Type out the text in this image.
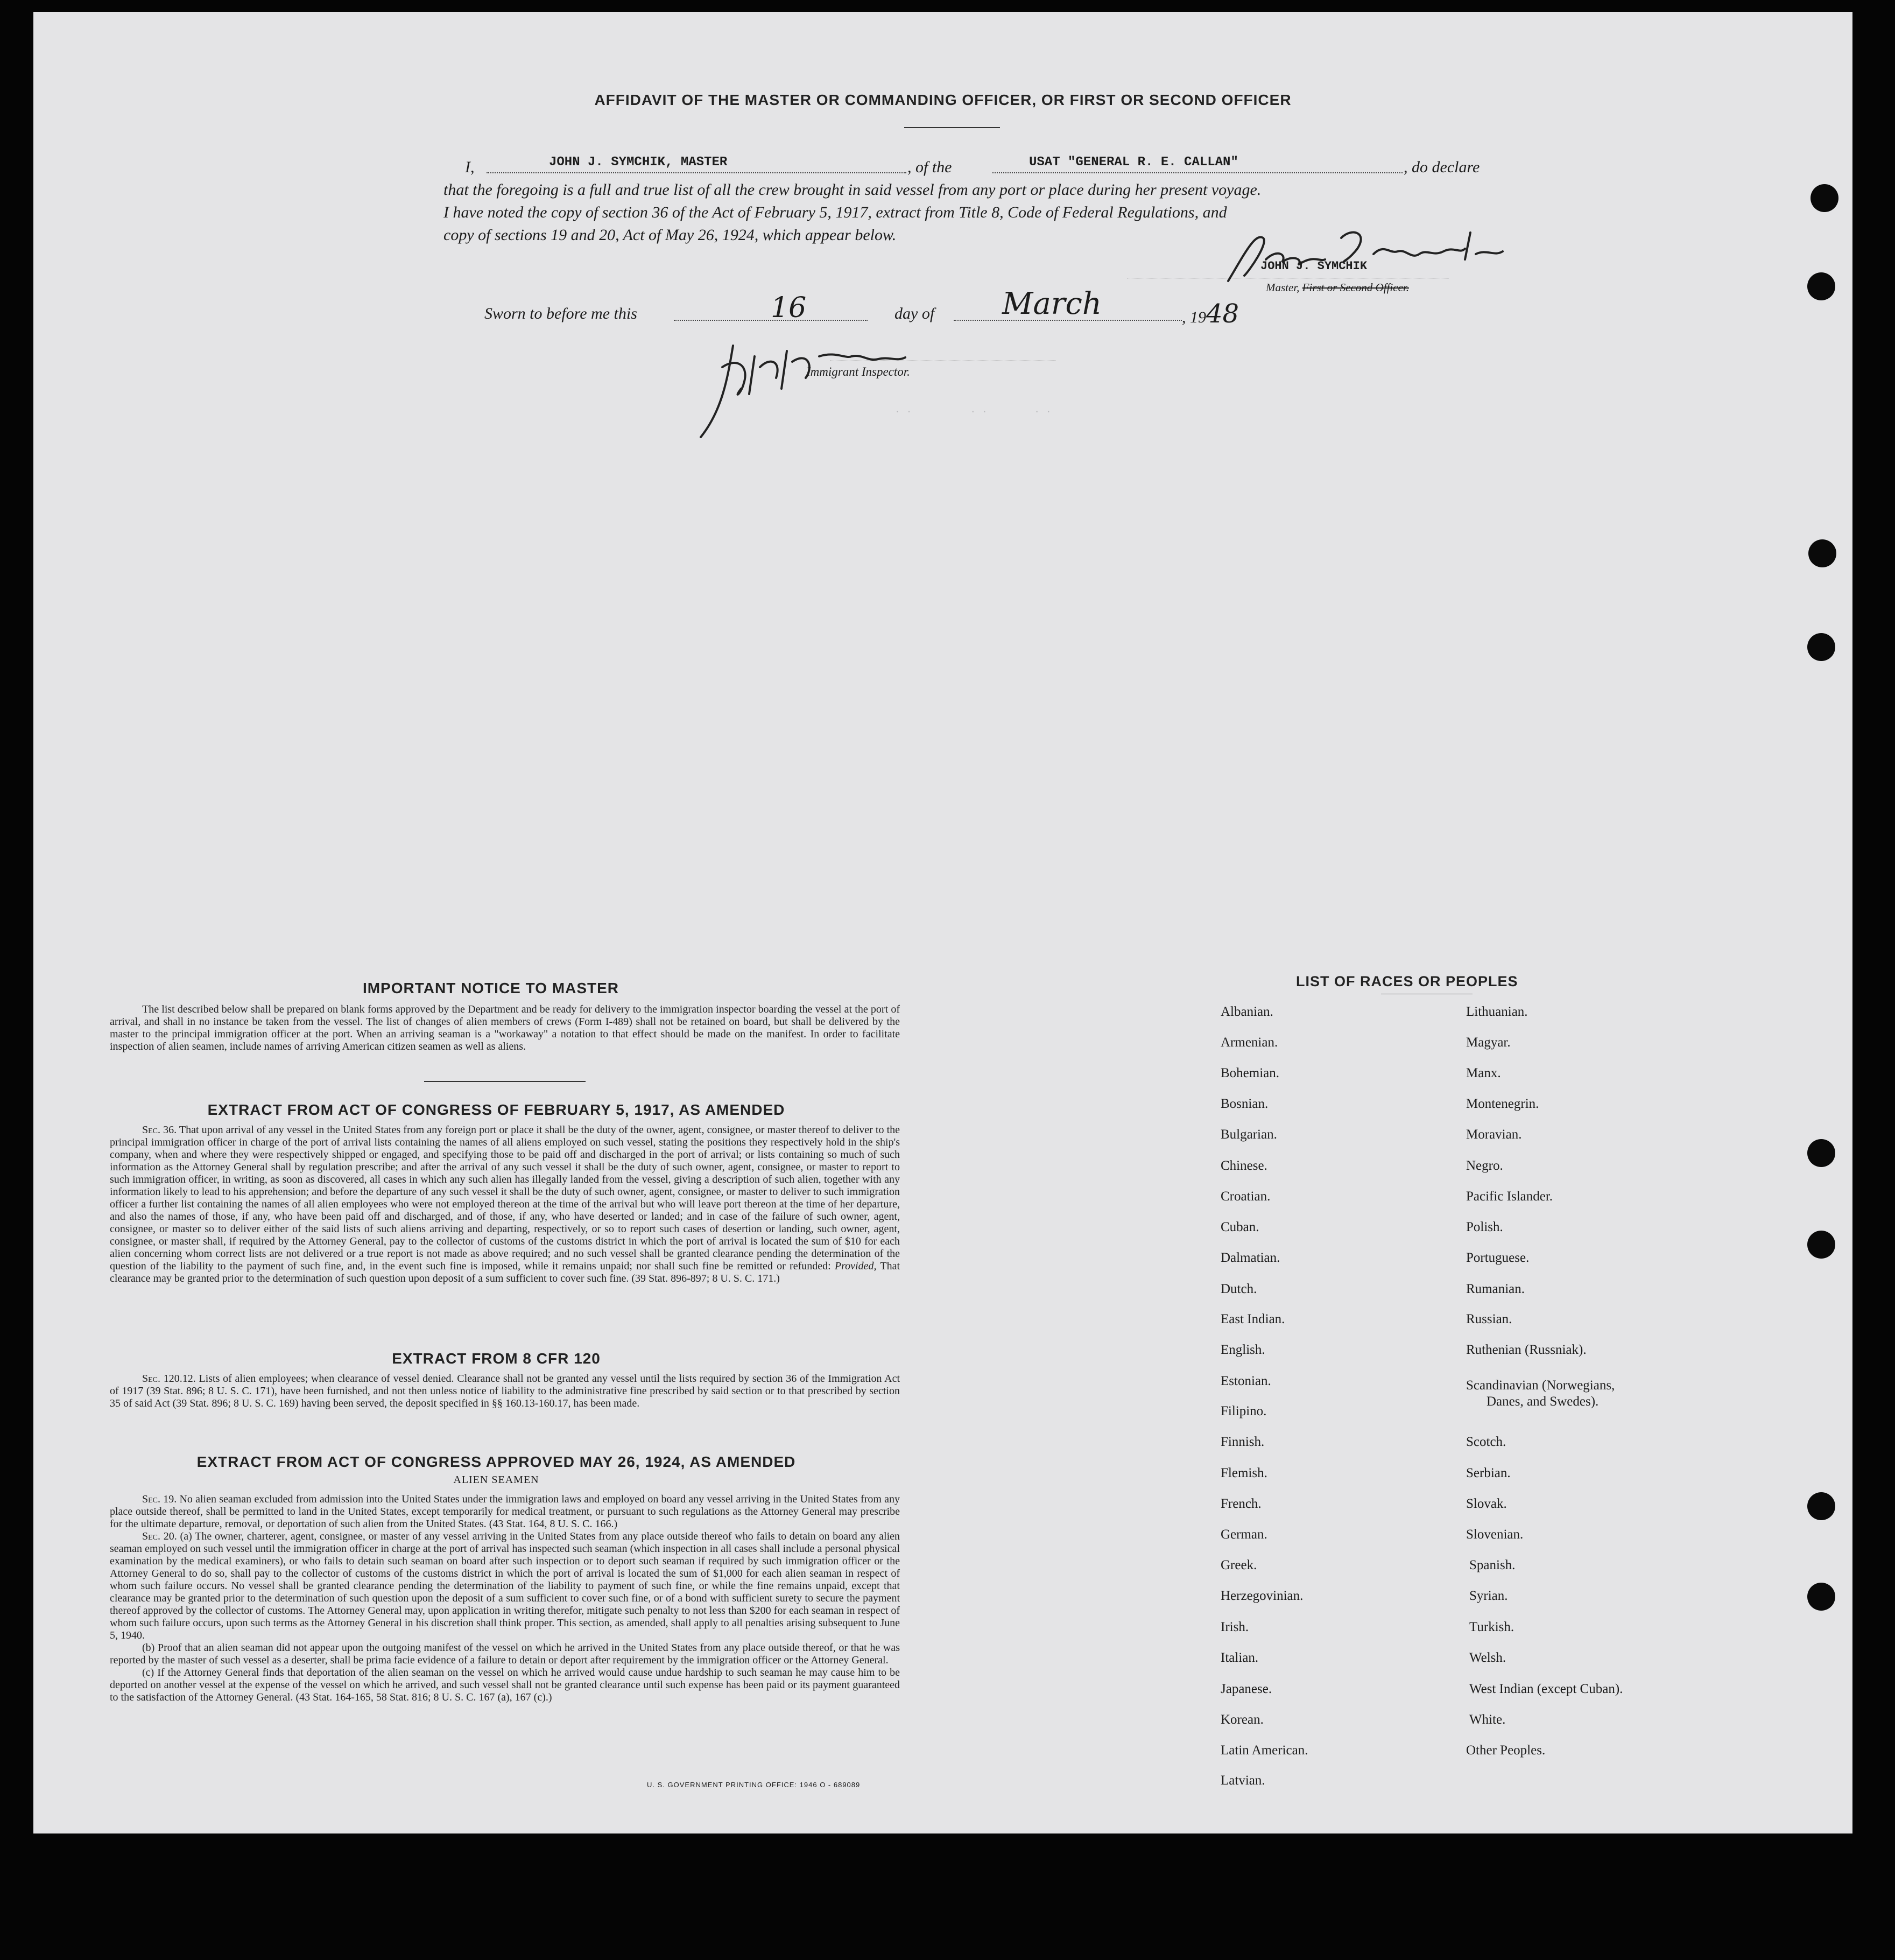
. .          . .        . .
AFFIDAVIT OF THE MASTER OR COMMANDING OFFICER, OR FIRST OR SECOND OFFICER
I,	JOHN J. SYMCHIK, MASTER	, of the	USAT "GENERAL R. E. CALLAN"	, do declare
that the foregoing is a full and true list of all the crew brought in said vessel from any port or place during her present voyage.
I have noted the copy of section 36 of the Act of February 5, 1917, extract from Title 8, Code of Federal Regulations, and
copy of sections 19 and 20, Act of May 26, 1924, which appear below.
JOHN J. SYMCHIK
Master, First or Second Officer.
Sworn to before me this	16	day of March	, 1948
Immigrant Inspector.
IMPORTANT NOTICE TO MASTER

The list described below shall be prepared on blank forms approved by the Department and be ready for delivery to the immigration inspector boarding the vessel at the port of arrival, and shall in no instance be taken from the vessel. The list of changes of alien members of crews (Form I-489) shall not be retained on board, but shall be delivered by the master to the principal immigration officer at the port. When an arriving seaman is a "workaway" a notation to that effect should be made on the manifest. In order to facilitate inspection of alien seamen, include names of arriving American citizen seamen as well as aliens.

EXTRACT FROM ACT OF CONGRESS OF FEBRUARY 5, 1917, AS AMENDED

Sec. 36. That upon arrival of any vessel in the United States from any foreign port or place it shall be the duty of the owner, agent, consignee, or master thereof to deliver to the principal immigration officer in charge of the port of arrival lists containing the names of all aliens employed on such vessel, stating the positions they respectively hold in the ship's company, when and where they were respectively shipped or engaged, and specifying those to be paid off and discharged in the port of arrival; or lists containing so much of such information as the Attorney General shall by regulation prescribe; and after the arrival of any such vessel it shall be the duty of such owner, agent, consignee, or master to report to such immigration officer, in writing, as soon as discovered, all cases in which any such alien has illegally landed from the vessel, giving a description of such alien, together with any information likely to lead to his apprehension; and before the departure of any such vessel it shall be the duty of such owner, agent, consignee, or master to deliver to such immigration officer a further list containing the names of all alien employees who were not employed thereon at the time of the arrival but who will leave port thereon at the time of her departure, and also the names of those, if any, who have been paid off and discharged, and of those, if any, who have deserted or landed; and in case of the failure of such owner, agent, consignee, or master so to deliver either of the said lists of such aliens arriving and departing, respectively, or so to report such cases of desertion or landing, such owner, agent, consignee, or master shall, if required by the Attorney General, pay to the collector of customs of the customs district in which the port of arrival is located the sum of $10 for each alien concerning whom correct lists are not delivered or a true report is not made as above required; and no such vessel shall be granted clearance pending the determination of the question of the liability to the payment of such fine, and, in the event such fine is imposed, while it remains unpaid; nor shall such fine be remitted or refunded: Provided, That clearance may be granted prior to the determination of such question upon deposit of a sum sufficient to cover such fine. (39 Stat. 896-897; 8 U. S. C. 171.)

EXTRACT FROM 8 CFR 120

Sec. 120.12. Lists of alien employees; when clearance of vessel denied. Clearance shall not be granted any vessel until the lists required by section 36 of the Immigration Act of 1917 (39 Stat. 896; 8 U. S. C. 171), have been furnished, and not then unless notice of liability to the administrative fine prescribed by said section or to that prescribed by section 35 of said Act (39 Stat. 896; 8 U. S. C. 169) having been served, the deposit specified in §§ 160.13-160.17, has been made.

EXTRACT FROM ACT OF CONGRESS APPROVED MAY 26, 1924, AS AMENDED
ALIEN SEAMEN

Sec. 19. No alien seaman excluded from admission into the United States under the immigration laws and employed on board any vessel arriving in the United States from any place outside thereof, shall be permitted to land in the United States, except temporarily for medical treatment, or pursuant to such regulations as the Attorney General may prescribe for the ultimate departure, removal, or deportation of such alien from the United States. (43 Stat. 164, 8 U. S. C. 166.)

Sec. 20. (a) The owner, charterer, agent, consignee, or master of any vessel arriving in the United States from any place outside thereof who fails to detain on board any alien seaman employed on such vessel until the immigration officer in charge at the port of arrival has inspected such seaman (which inspection in all cases shall include a personal physical examination by the medical examiners), or who fails to detain such seaman on board after such inspection or to deport such seaman if required by such immigration officer or the Attorney General to do so, shall pay to the collector of customs of the customs district in which the port of arrival is located the sum of $1,000 for each alien seaman in respect of whom such failure occurs. No vessel shall be granted clearance pending the determination of the liability to payment of such fine, or while the fine remains unpaid, except that clearance may be granted prior to the determination of such question upon the deposit of a sum sufficient to cover such fine, or of a bond with sufficient surety to secure the payment thereof approved by the collector of customs. The Attorney General may, upon application in writing therefor, mitigate such penalty to not less than $200 for each seaman in respect of whom such failure occurs, upon such terms as the Attorney General in his discretion shall think proper. This section, as amended, shall apply to all penalties arising subsequent to June 5, 1940.

(b) Proof that an alien seaman did not appear upon the outgoing manifest of the vessel on which he arrived in the United States from any place outside thereof, or that he was reported by the master of such vessel as a deserter, shall be prima facie evidence of a failure to detain or deport after requirement by the immigration officer or the Attorney General.

(c) If the Attorney General finds that deportation of the alien seaman on the vessel on which he arrived would cause undue hardship to such seaman he may cause him to be deported on another vessel at the expense of the vessel on which he arrived, and such vessel shall not be granted clearance until such expense has been paid or its payment guaranteed to the satisfaction of the Attorney General. (43 Stat. 164-165, 58 Stat. 816; 8 U. S. C. 167 (a), 167 (c).)

U. S. GOVERNMENT PRINTING OFFICE: 1946 O - 689089
LIST OF RACES OR PEOPLES
Albanian.
Armenian.
Bohemian.
Bosnian.
Bulgarian.
Chinese.
Croatian.
Cuban.
Dalmatian.
Dutch.
East Indian.
English.
Estonian.
Filipino.
Finnish.
Flemish.
French.
German.
Greek.
Herzegovinian.
Irish.
Italian.
Japanese.
Korean.
Latin American.
Latvian.
Lithuanian.
Magyar.
Manx.
Montenegrin.
Moravian.
Negro.
Pacific Islander.
Polish.
Portuguese.
Rumanian.
Russian.
Ruthenian (Russniak).
Scandinavian (Norwegians,
Danes, and Swedes).
Scotch.
Serbian.
Slovak.
Slovenian.
Spanish.
Syrian.
Turkish.
Welsh.
West Indian (except Cuban).
White.
Other Peoples.
